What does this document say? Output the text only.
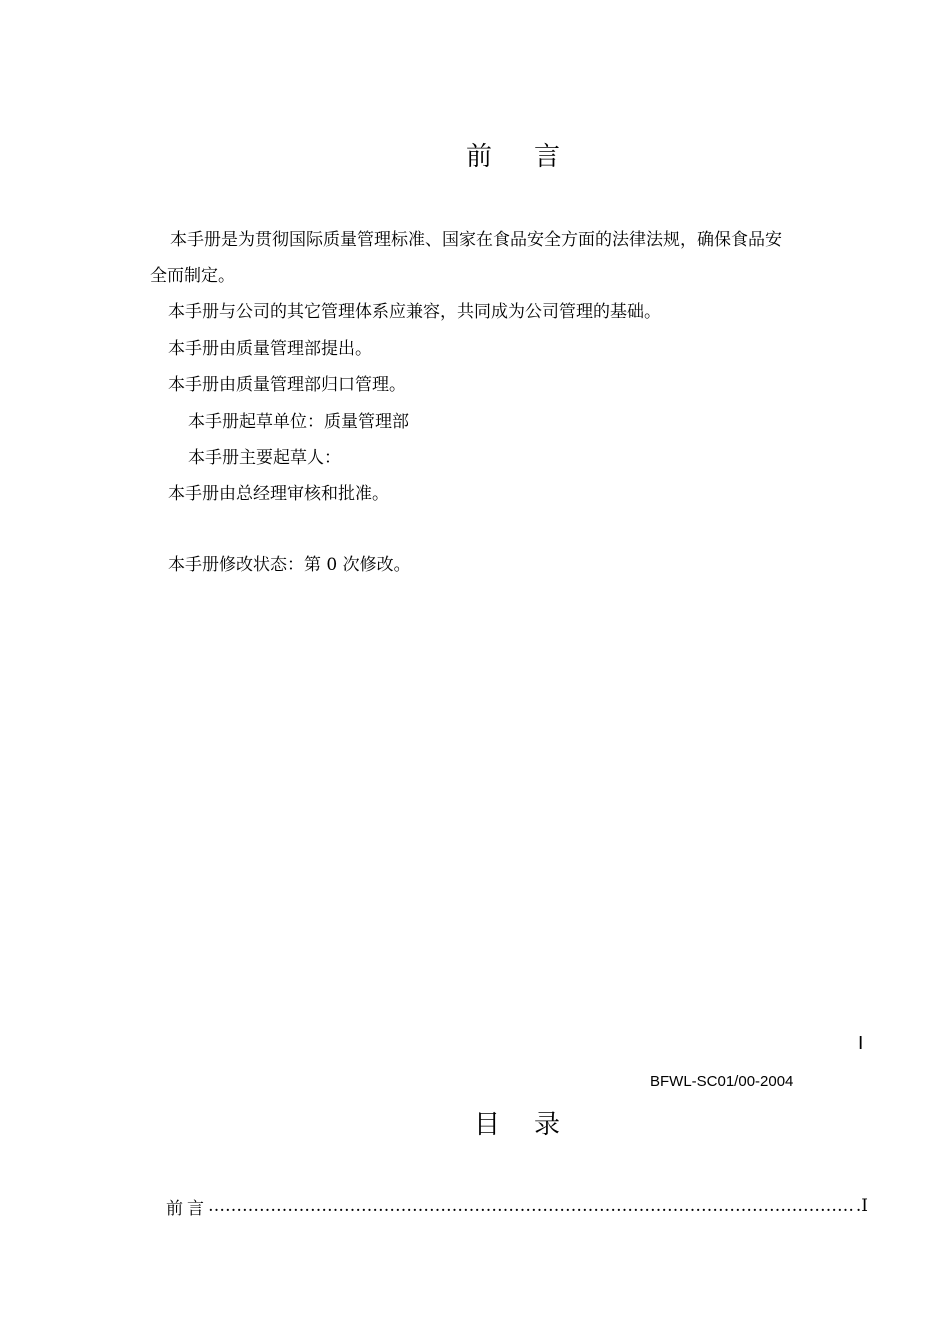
前 言
本手册是为贯彻国际质量管理标准、国家在食品安全方面的法律法规，确保食品安
全而制定。
本手册与公司的其它管理体系应兼容，共同成为公司管理的基础。
本手册由质量管理部提出。
本手册由质量管理部归口管理。
本手册起草单位：质量管理部
本手册主要起草人：
本手册由总经理审核和批准。
本手册修改状态：第 0 次修改。
I
BFWL-SC01/00-2004
目 录
前言
……………………………………………………………………………………………………………………………………	.I
